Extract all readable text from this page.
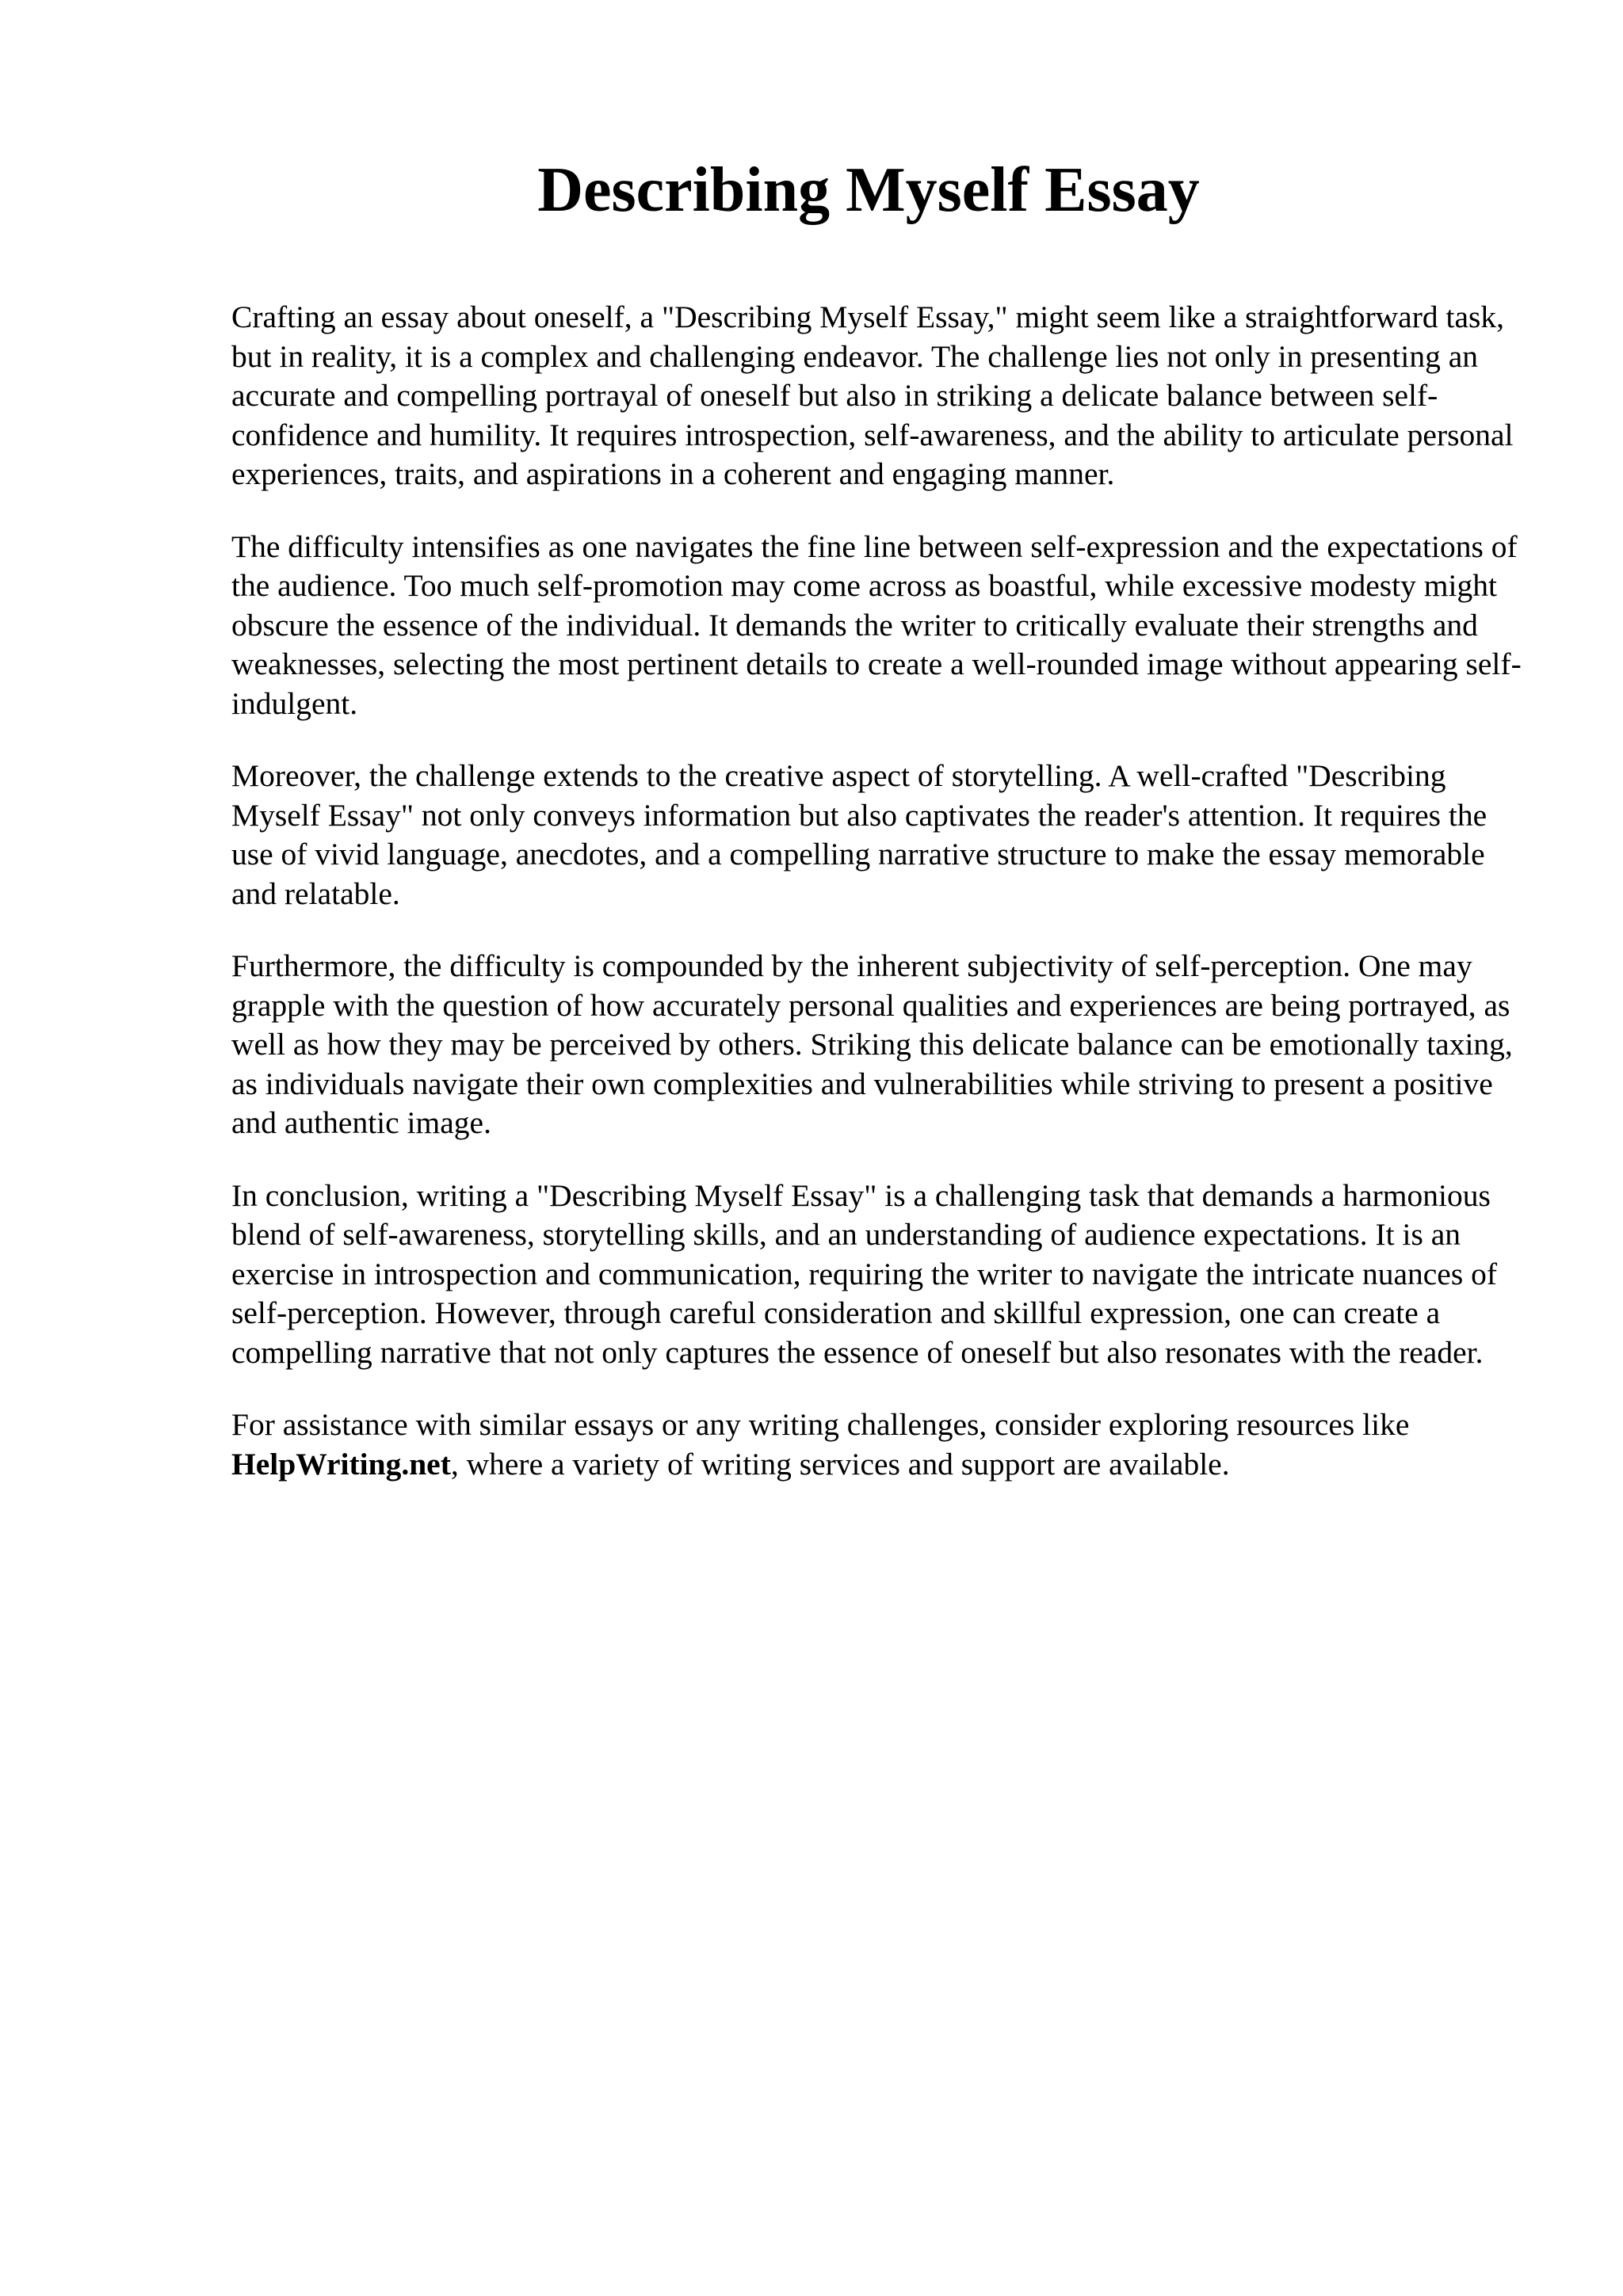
Describing Myself Essay

Crafting an essay about oneself, a "Describing Myself Essay," might seem like a straightforward task, but in reality, it is a complex and challenging endeavor. The challenge lies not only in presenting an accurate and compelling portrayal of oneself but also in striking a delicate balance between self-confidence and humility. It requires introspection, self-awareness, and the ability to articulate personal experiences, traits, and aspirations in a coherent and engaging manner.

The difficulty intensifies as one navigates the fine line between self-expression and the expectations of the audience. Too much self-promotion may come across as boastful, while excessive modesty might obscure the essence of the individual. It demands the writer to critically evaluate their strengths and weaknesses, selecting the most pertinent details to create a well-rounded image without appearing self-indulgent.

Moreover, the challenge extends to the creative aspect of storytelling. A well-crafted "Describing Myself Essay" not only conveys information but also captivates the reader's attention. It requires the use of vivid language, anecdotes, and a compelling narrative structure to make the essay memorable and relatable.

Furthermore, the difficulty is compounded by the inherent subjectivity of self-perception. One may grapple with the question of how accurately personal qualities and experiences are being portrayed, as well as how they may be perceived by others. Striking this delicate balance can be emotionally taxing, as individuals navigate their own complexities and vulnerabilities while striving to present a positive and authentic image.

In conclusion, writing a "Describing Myself Essay" is a challenging task that demands a harmonious blend of self-awareness, storytelling skills, and an understanding of audience expectations. It is an exercise in introspection and communication, requiring the writer to navigate the intricate nuances of self-perception. However, through careful consideration and skillful expression, one can create a compelling narrative that not only captures the essence of oneself but also resonates with the reader.

For assistance with similar essays or any writing challenges, consider exploring resources like HelpWriting.net, where a variety of writing services and support are available.
